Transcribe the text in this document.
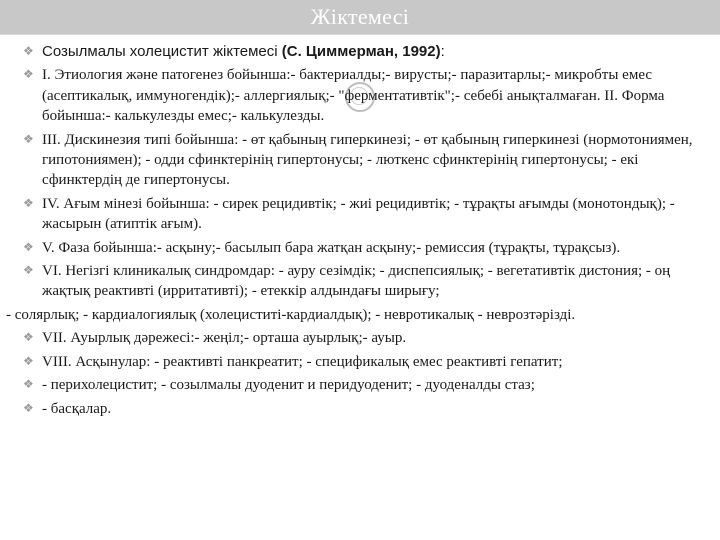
Жіктемесі
❖ Созылмалы холецистит жіктемесі (С. Циммерман, 1992):
❖ І. Этиология және патогенез бойынша:- бактериалды;- вирусты;- паразитарлы;- микробты емес (асептикалық, иммуногендік);- аллергиялық;- "ферментативтік";- себебі анықталмаған. ІІ. Форма бойынша:- калькулезды емес;- калькулезды.
❖ ІІІ. Дискинезия типі бойынша: - өт қабының гиперкинезі; - өт қабының гиперкинезі (нормотониямен, гипотониямен); - одди сфинктерінің гипертонусы; - люткенс сфинктерінің гипертонусы; - екі сфинктердің де гипертонусы.
❖ IV. Ағым мінезі бойынша: - сирек рецидивтік; - жиі рецидивтік; - тұрақты ағымды (монотондық); - жасырын (атиптік ағым).
❖ V. Фаза бойынша:- асқыну;- басылып бара жатқан асқыну;- ремиссия (тұрақты, тұрақсыз).
❖ VI. Негізгі клиникалық синдромдар: - ауру сезімдік; - диспепсиялық; - вегетативтік дистония; - оң жақтық реактивті (ирритативті); - етеккір алдындағы ширығу;
- солярлық; - кардиалогиялық (холециститі-кардиалдық); - невротикалық - неврозтәрізді.
❖ VII. Ауырлық дәрежесі:- жеңіл;- орташа ауырлық;- ауыр.
❖ VIII. Асқынулар: - реактивті панкреатит; - спецификалық емес реактивті гепатит;
❖ - перихолецистит; - созылмалы дуоденит и перидуоденит; - дуоденалды стаз;
❖ - басқалар.
